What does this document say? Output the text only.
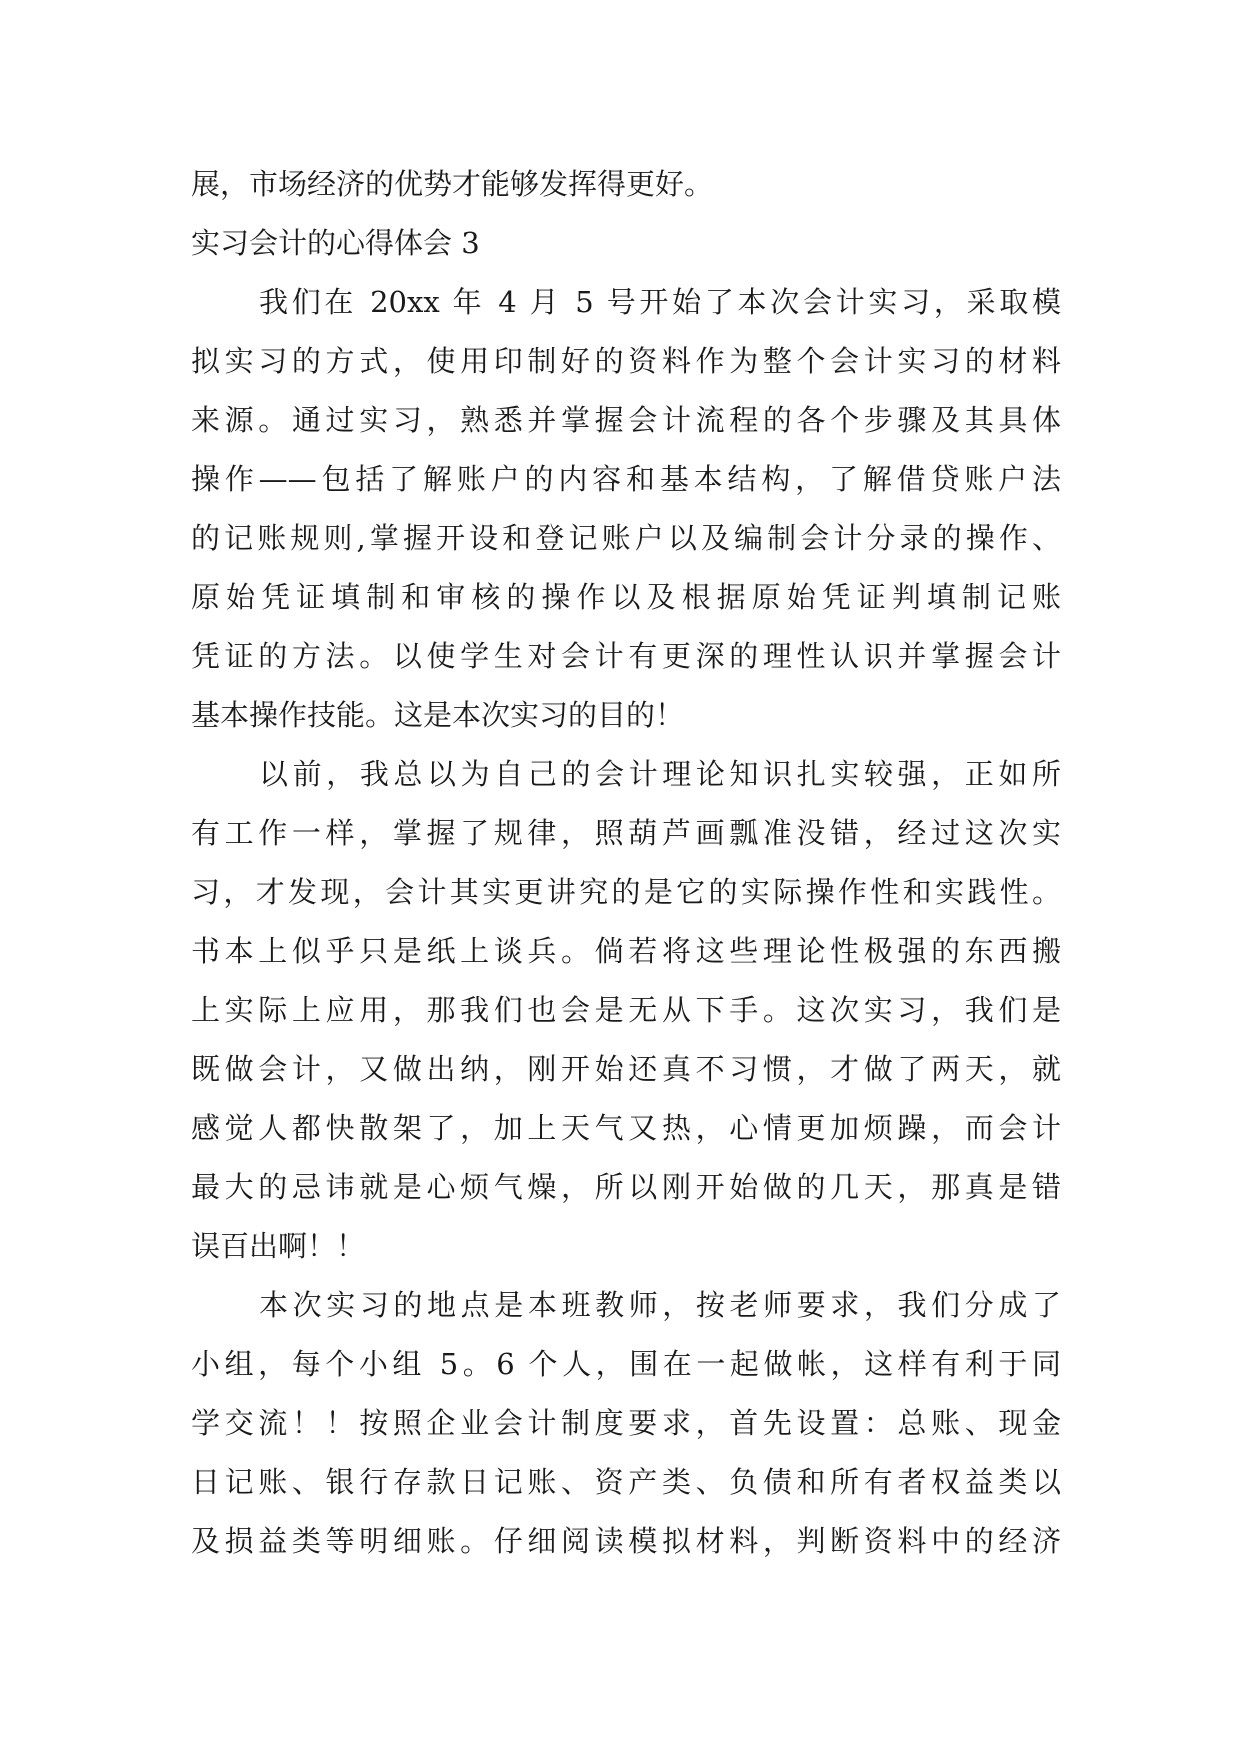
展，市场经济的优势才能够发挥得更好。
实习会计的心得体会 3
我们在 20xx 年 4 月 5 号开始了本次会计实习，采取模
拟实习的方式，使用印制好的资料作为整个会计实习的材料
来源。通过实习，熟悉并掌握会计流程的各个步骤及其具体
操作——包括了解账户的内容和基本结构，了解借贷账户法
的记账规则,掌握开设和登记账户以及编制会计分录的操作、
原始凭证填制和审核的操作以及根据原始凭证判填制记账
凭证的方法。以使学生对会计有更深的理性认识并掌握会计
基本操作技能。这是本次实习的目的！
以前，我总以为自己的会计理论知识扎实较强，正如所
有工作一样，掌握了规律，照葫芦画瓢准没错，经过这次实
习，才发现，会计其实更讲究的是它的实际操作性和实践性。
书本上似乎只是纸上谈兵。倘若将这些理论性极强的东西搬
上实际上应用，那我们也会是无从下手。这次实习，我们是
既做会计，又做出纳，刚开始还真不习惯，才做了两天，就
感觉人都快散架了，加上天气又热，心情更加烦躁，而会计
最大的忌讳就是心烦气燥，所以刚开始做的几天，那真是错
误百出啊！！
本次实习的地点是本班教师，按老师要求，我们分成了
小组，每个小组 5。6 个人，围在一起做帐，这样有利于同
学交流！！按照企业会计制度要求，首先设置：总账、现金
日记账、银行存款日记账、资产类、负债和所有者权益类以
及损益类等明细账。仔细阅读模拟材料，判断资料中的经济
